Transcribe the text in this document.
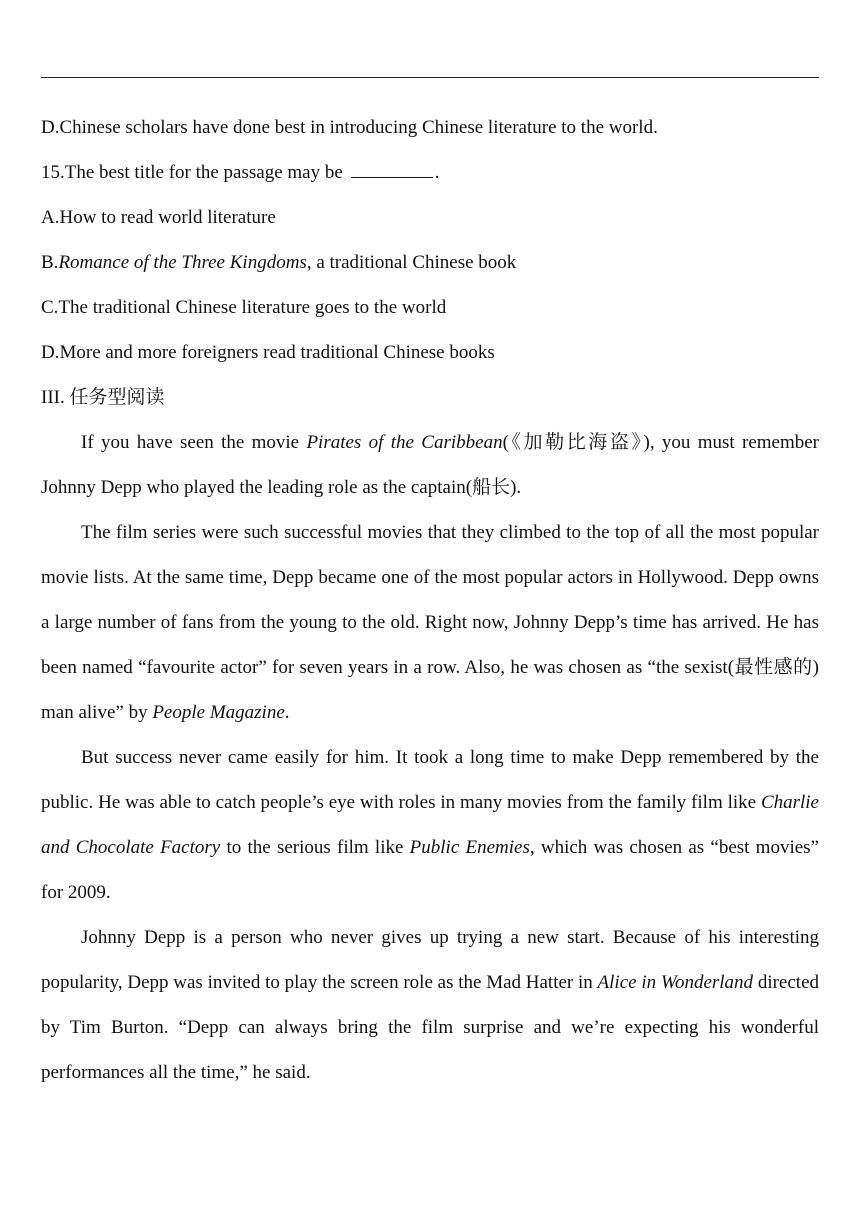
D.Chinese scholars have done best in introducing Chinese literature to the world.
15.The best title for the passage may be	.
A.How to read world literature
B.Romance of the Three Kingdoms, a traditional Chinese book
C.The traditional Chinese literature goes to the world
D.More and more foreigners read traditional Chinese books
III. 任务型阅读

If you have seen the movie Pirates of the Caribbean(《加勒比海盗》), you must remember Johnny Depp who played the leading role as the captain(船长).

The film series were such successful movies that they climbed to the top of all the most popular movie lists. At the same time, Depp became one of the most popular actors in Hollywood. Depp owns a large number of fans from the young to the old. Right now, Johnny Depp’s time has arrived. He has been named “favourite actor” for seven years in a row. Also, he was chosen as “the sexist(最性感的) man alive” by People Magazine.

But success never came easily for him. It took a long time to make Depp remembered by the public. He was able to catch people’s eye with roles in many movies from the family film like Charlie and Chocolate Factory to the serious film like Public Enemies, which was chosen as “best movies” for 2009.

Johnny Depp is a person who never gives up trying a new start. Because of his interesting popularity, Depp was invited to play the screen role as the Mad Hatter in Alice in Wonderland directed by Tim Burton. “Depp can always bring the film surprise and we’re expecting his wonderful performances all the time,” he said.
